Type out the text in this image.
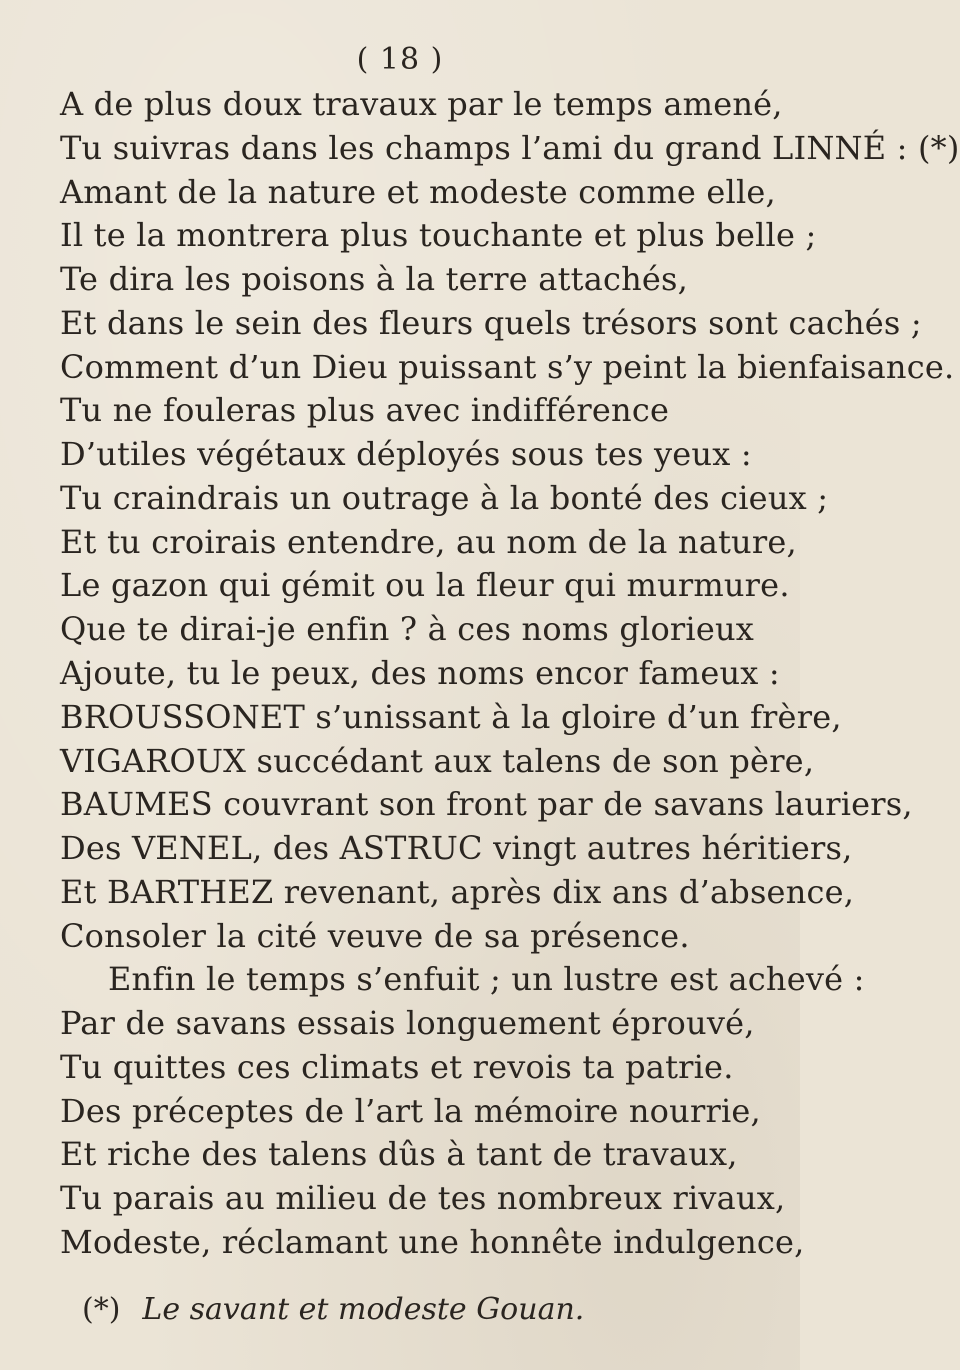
( 18 )
A de plus doux travaux par le temps amené,
Tu suivras dans les champs l’ami du grand LINNÉ : (*)
Amant de la nature et modeste comme elle,
Il te la montrera plus touchante et plus belle ;
Te dira les poisons à la terre attachés,
Et dans le sein des fleurs quels trésors sont cachés ;
Comment d’un Dieu puissant s’y peint la bienfaisance.
Tu ne fouleras plus avec indifférence
D’utiles végétaux déployés sous tes yeux :
Tu craindrais un outrage à la bonté des cieux ;
Et tu croirais entendre, au nom de la nature,
Le gazon qui gémit ou la fleur qui murmure.
Que te dirai-je enfin ? à ces noms glorieux
Ajoute, tu le peux, des noms encor fameux :
BROUSSONET s’unissant à la gloire d’un frère,
VIGAROUX succédant aux talens de son père,
BAUMES couvrant son front par de savans lauriers,
Des VENEL, des ASTRUC vingt autres héritiers,
Et BARTHEZ revenant, après dix ans d’absence,
Consoler la cité veuve de sa présence.
Enfin le temps s’enfuit ; un lustre est achevé :
Par de savans essais longuement éprouvé,
Tu quittes ces climats et revois ta patrie.
Des préceptes de l’art la mémoire nourrie,
Et riche des talens dûs à tant de travaux,
(*) Le savant et modeste Gouan.
Tu parais au milieu de tes nombreux rivaux,
Modeste, réclamant une honnête indulgence,
